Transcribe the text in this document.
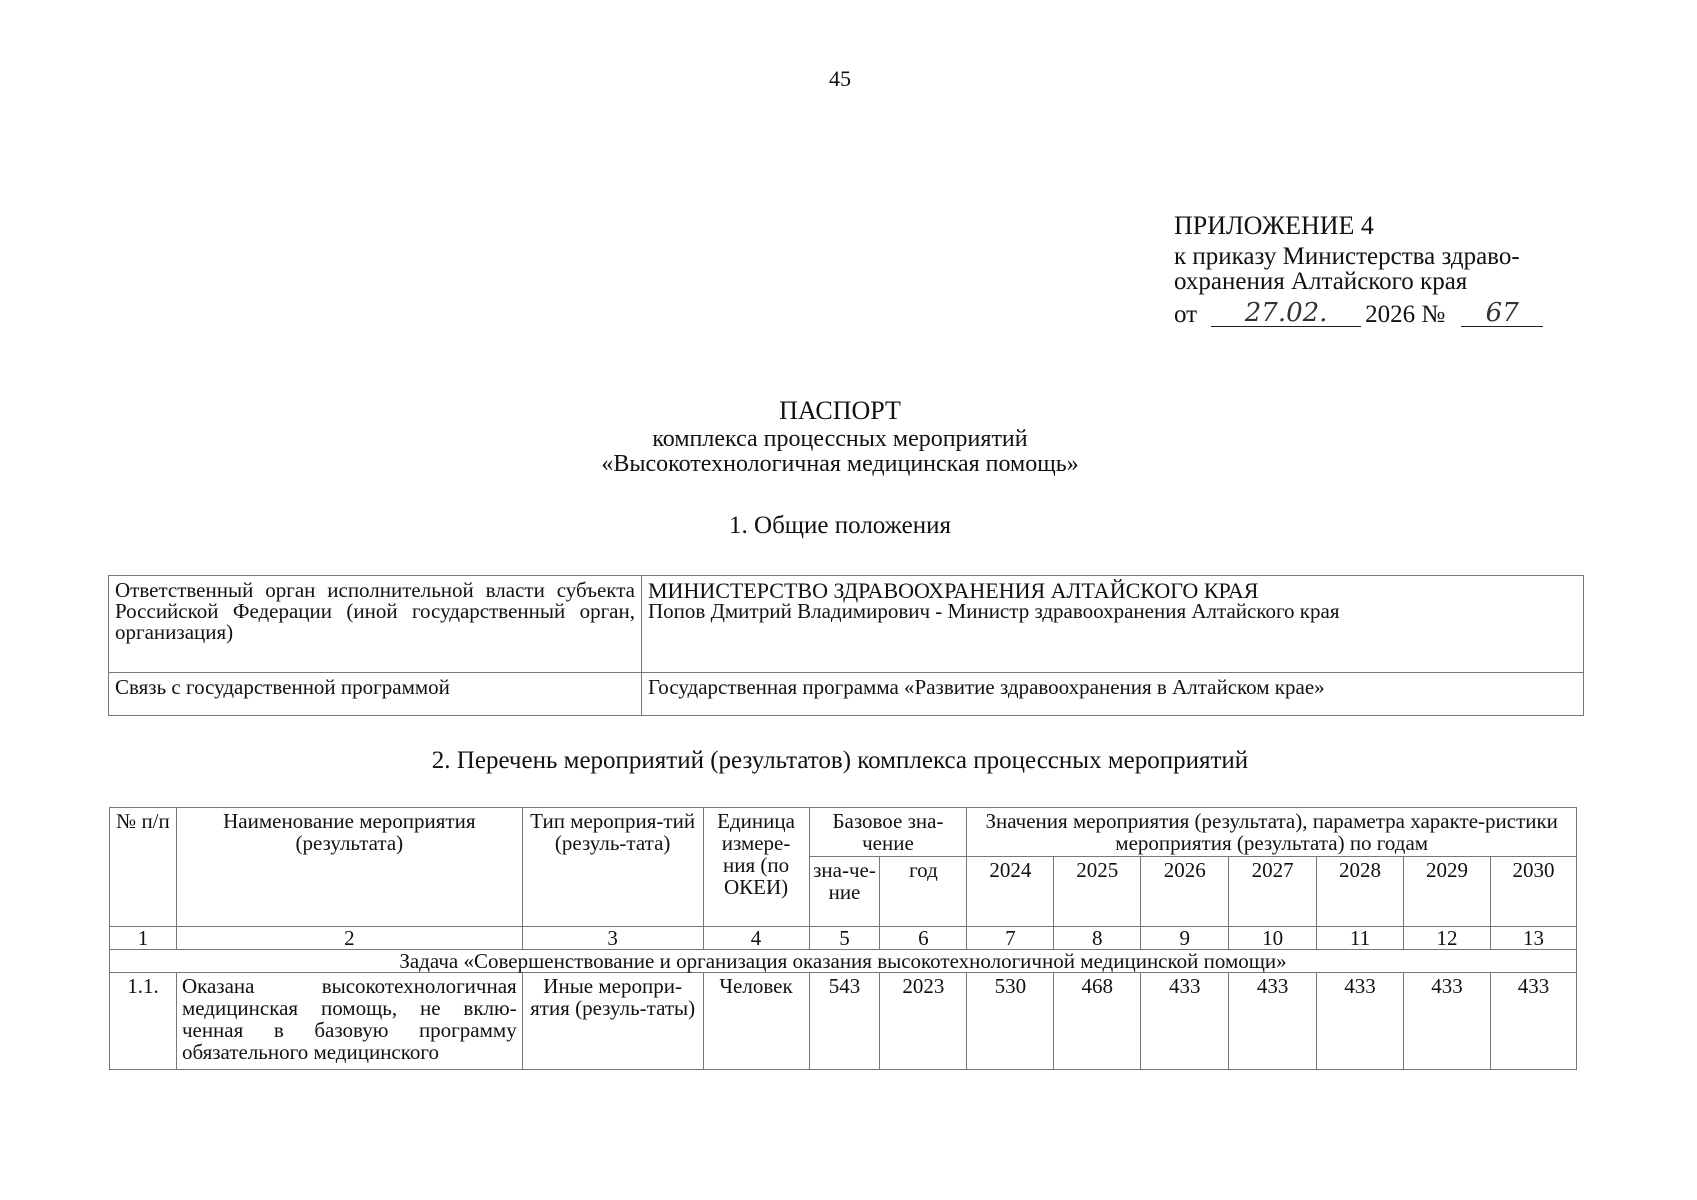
45
ПРИЛОЖЕНИЕ 4
к приказу Министерства здраво-
охранения Алтайского края
от	27.02.	2026 №	67
ПАСПОРТ
комплекса процессных мероприятий
«Высокотехнологичная медицинская помощь»
1. Общие положения
Ответственный орган исполнительной власти субъекта Российской Федерации (иной государственный орган, организация)	МИНИСТЕРСТВО ЗДРАВООХРАНЕНИЯ АЛТАЙСКОГО КРАЯ
Попов Дмитрий Владимирович - Министр здравоохранения Алтайского края

Связь с государственной программой	Государственная программа «Развитие здравоохранения в Алтайском крае»
2. Перечень мероприятий (результатов) комплекса процессных мероприятий
№ п/п	Наименование мероприятия (результата)	Тип мероприя-тий (резуль-тата)	Единица измере-ния (по ОКЕИ)	Базовое зна-чение		Значения мероприятия (результата), параметра характе-ристики мероприятия (результата) по годам						
				зна-че-ние	год	2024	2025	2026	2027	2028	2029	2030
1	2	3	4	5	6	7	8	9	10	11	12	13
Задача «Совершенствование и организация оказания высокотехнологичной медицинской помощи»												
1.1.	Оказана высокотехнологичная медицинская помощь, не вклю-ченная в базовую программу обязательного медицинского	Иные меропри-ятия (резуль-таты)	Человек	543	2023	530	468	433	433	433	433	433
